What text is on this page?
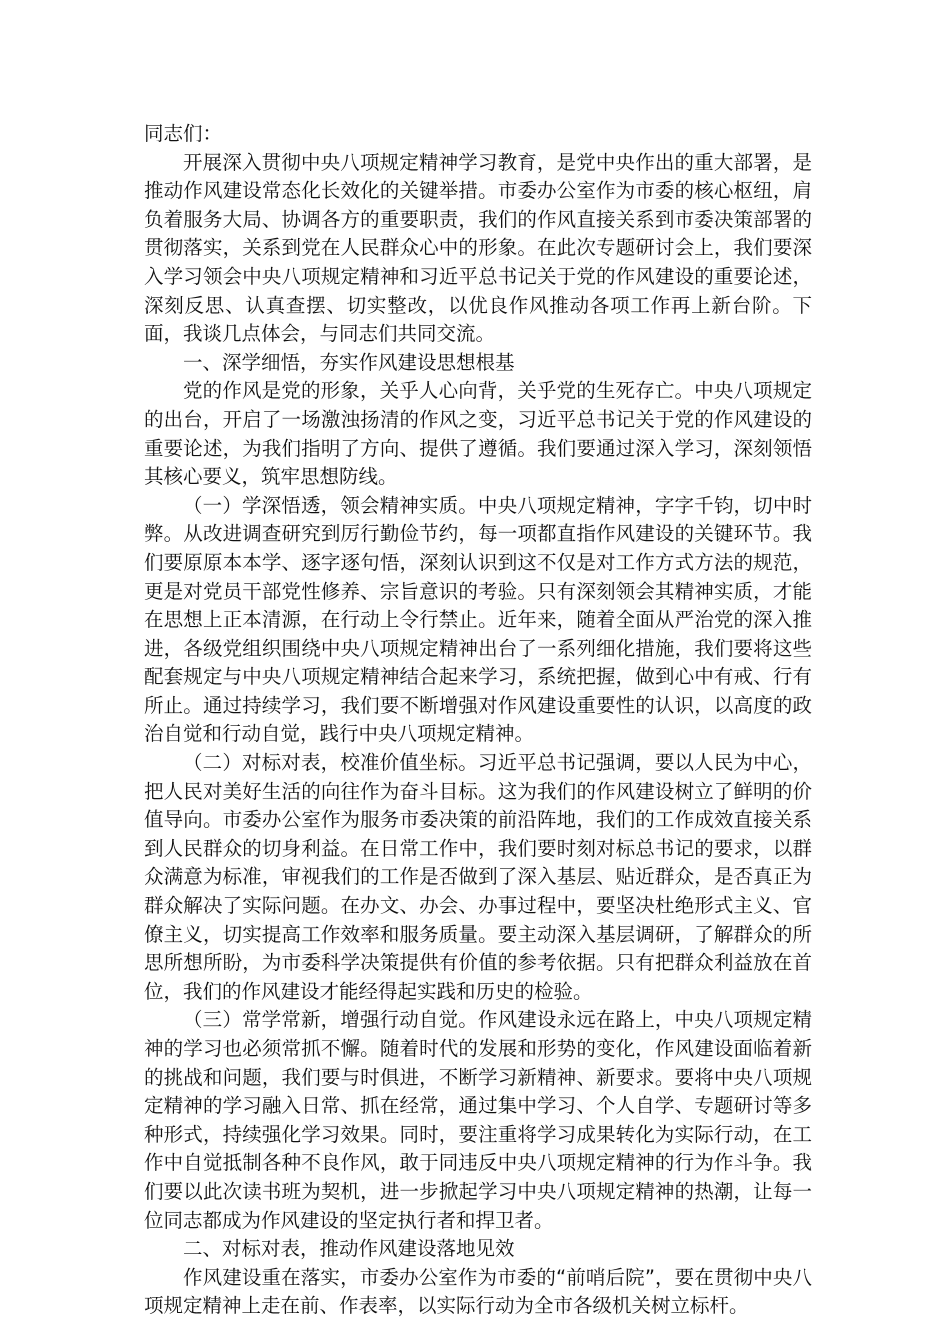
同志们：

开展深入贯彻中央八项规定精神学习教育，是党中央作出的重大部署，是推动作风建设常态化长效化的关键举措。市委办公室作为市委的核心枢纽，肩负着服务大局、协调各方的重要职责，我们的作风直接关系到市委决策部署的贯彻落实，关系到党在人民群众心中的形象。在此次专题研讨会上，我们要深入学习领会中央八项规定精神和习近平总书记关于党的作风建设的重要论述，深刻反思、认真查摆、切实整改，以优良作风推动各项工作再上新台阶。下面，我谈几点体会，与同志们共同交流。

一、深学细悟，夯实作风建设思想根基

党的作风是党的形象，关乎人心向背，关乎党的生死存亡。中央八项规定的出台，开启了一场激浊扬清的作风之变，习近平总书记关于党的作风建设的重要论述，为我们指明了方向、提供了遵循。我们要通过深入学习，深刻领悟其核心要义，筑牢思想防线。

（一）学深悟透，领会精神实质。中央八项规定精神，字字千钧，切中时弊。从改进调查研究到厉行勤俭节约，每一项都直指作风建设的关键环节。我们要原原本本学、逐字逐句悟，深刻认识到这不仅是对工作方式方法的规范，更是对党员干部党性修养、宗旨意识的考验。只有深刻领会其精神实质，才能在思想上正本清源，在行动上令行禁止。近年来，随着全面从严治党的深入推进，各级党组织围绕中央八项规定精神出台了一系列细化措施，我们要将这些配套规定与中央八项规定精神结合起来学习，系统把握，做到心中有戒、行有所止。通过持续学习，我们要不断增强对作风建设重要性的认识，以高度的政治自觉和行动自觉，践行中央八项规定精神。

（二）对标对表，校准价值坐标。习近平总书记强调，要以人民为中心，把人民对美好生活的向往作为奋斗目标。这为我们的作风建设树立了鲜明的价值导向。市委办公室作为服务市委决策的前沿阵地，我们的工作成效直接关系到人民群众的切身利益。在日常工作中，我们要时刻对标总书记的要求，以群众满意为标准，审视我们的工作是否做到了深入基层、贴近群众，是否真正为群众解决了实际问题。在办文、办会、办事过程中，要坚决杜绝形式主义、官僚主义，切实提高工作效率和服务质量。要主动深入基层调研，了解群众的所思所想所盼，为市委科学决策提供有价值的参考依据。只有把群众利益放在首位，我们的作风建设才能经得起实践和历史的检验。

（三）常学常新，增强行动自觉。作风建设永远在路上，中央八项规定精神的学习也必须常抓不懈。随着时代的发展和形势的变化，作风建设面临着新的挑战和问题，我们要与时俱进，不断学习新精神、新要求。要将中央八项规定精神的学习融入日常、抓在经常，通过集中学习、个人自学、专题研讨等多种形式，持续强化学习效果。同时，要注重将学习成果转化为实际行动，在工作中自觉抵制各种不良作风，敢于同违反中央八项规定精神的行为作斗争。我们要以此次读书班为契机，进一步掀起学习中央八项规定精神的热潮，让每一位同志都成为作风建设的坚定执行者和捍卫者。

二、对标对表，推动作风建设落地见效

作风建设重在落实，市委办公室作为市委的“前哨后院”，要在贯彻中央八项规定精神上走在前、作表率，以实际行动为全市各级机关树立标杆。
